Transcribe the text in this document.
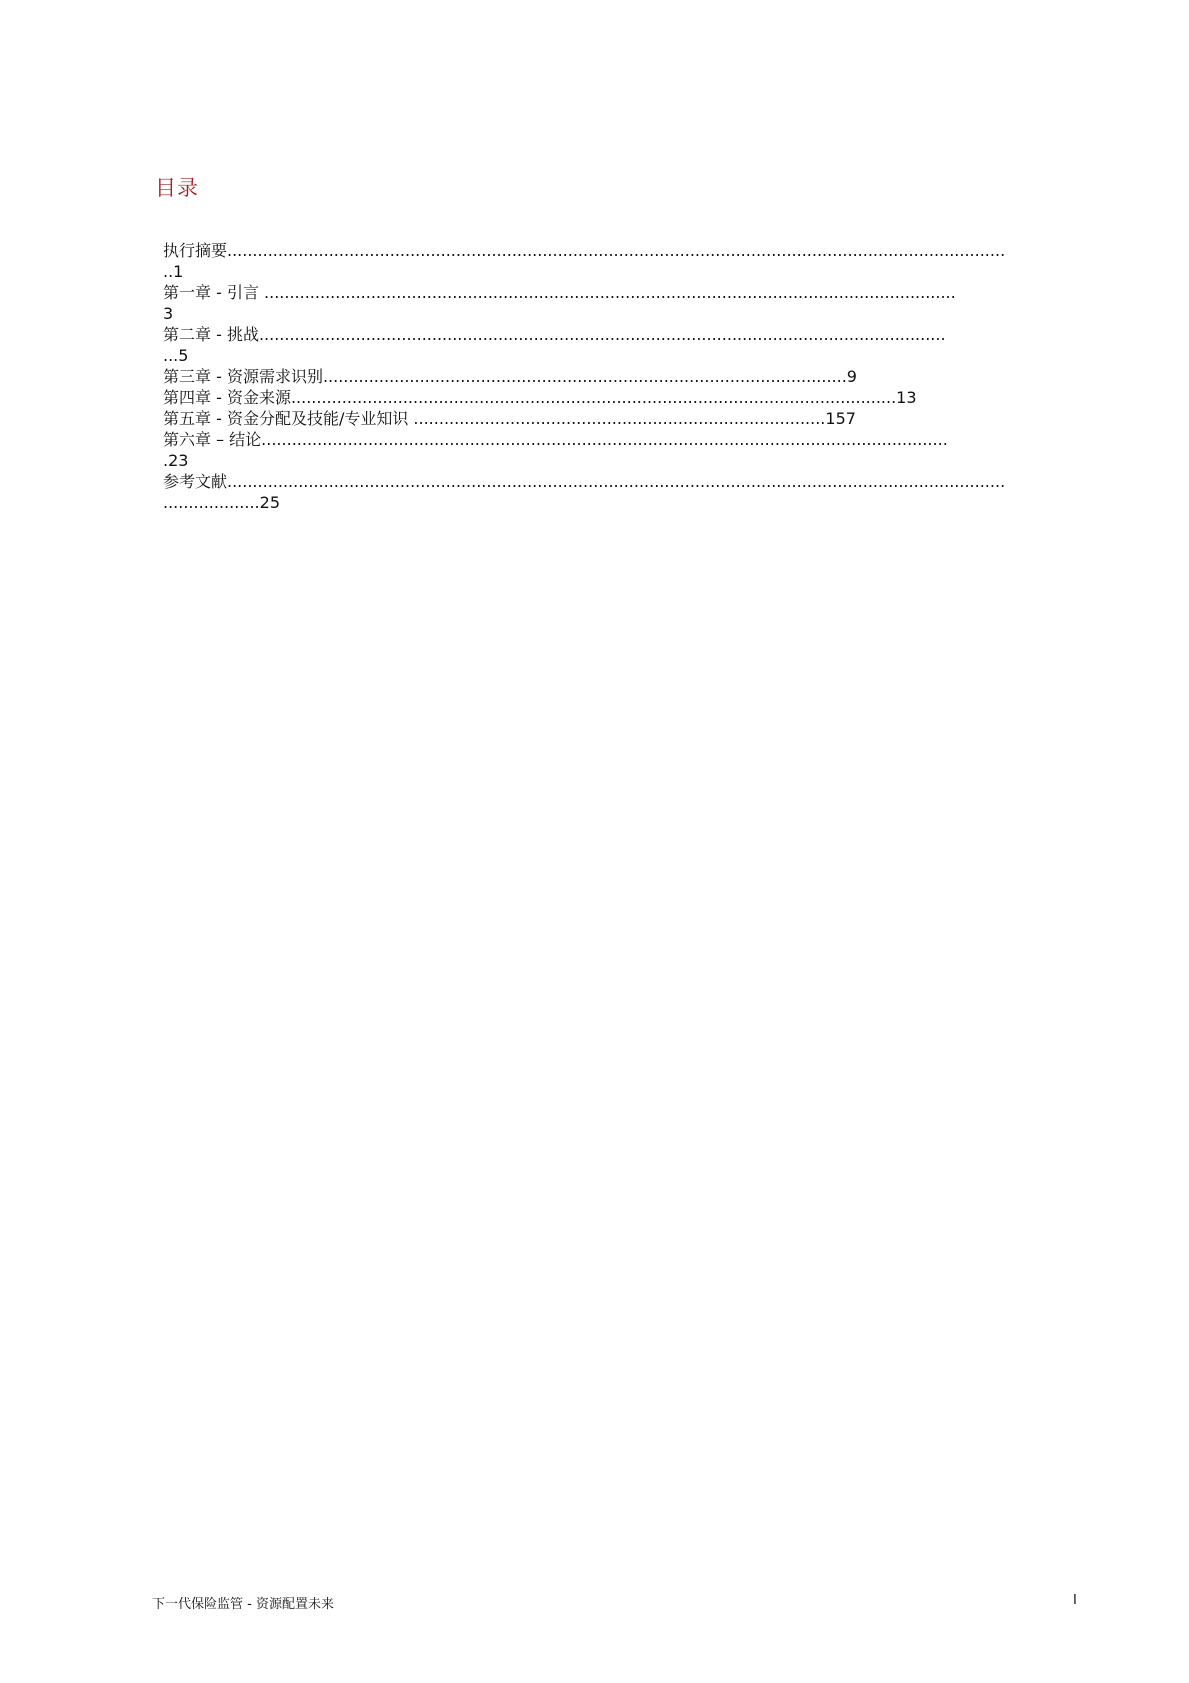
目录
执行摘要.........................................................................................................................................................
..1
第一章 - 引言 ........................................................................................................................................
3
第二章 - 挑战.......................................................................................................................................
...5
第三章 - 资源需求识别.......................................................................................................9
第四章 - 资金来源.......................................................................................................................13
第五章 - 资金分配及技能/专业知识 .................................................................................157
第六章 – 结论.......................................................................................................................................
.23
参考文献.........................................................................................................................................................
...................25
下一代保险监管 - 资源配置未来	I
